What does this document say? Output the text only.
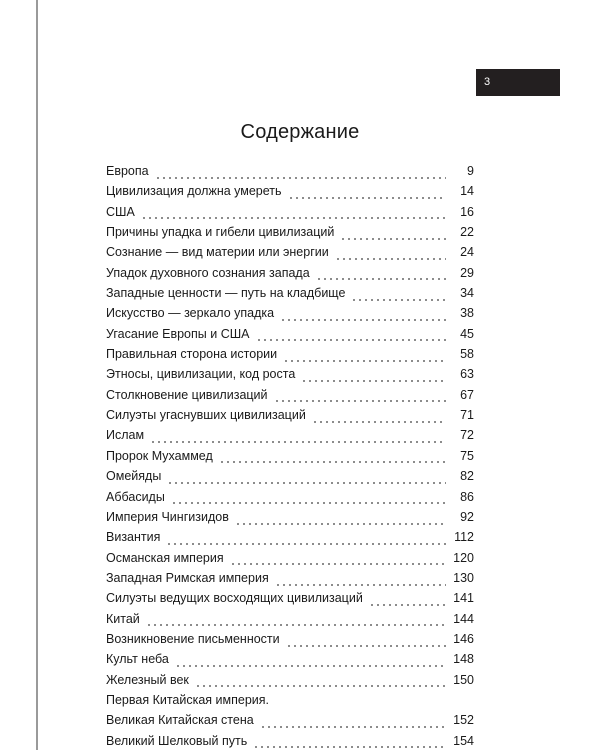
3
Содержание
Европа	9
Цивилизация должна умереть	14
США	16
Причины упадка и гибели цивилизаций	22
Сознание — вид материи или энергии	24
Упадок духовного сознания запада	29
Западные ценности — путь на кладбище	34
Искусство — зеркало упадка	38
Угасание Европы и США	45
Правильная сторона истории	58
Этносы, цивилизации, код роста	63
Столкновение цивилизаций	67
Силуэты угаснувших цивилизаций	71
Ислам	72
Пророк Мухаммед	75
Омейяды	82
Аббасиды	86
Империя Чингизидов	92
Византия	112
Османская империя	120
Западная Римская империя	130
Силуэты ведущих восходящих цивилизаций	141
Китай	144
Возникновение письменности	146
Культ неба	148
Железный век	150
Первая Китайская империя.
Великая Китайская стена	152
Великий Шелковый путь	154
